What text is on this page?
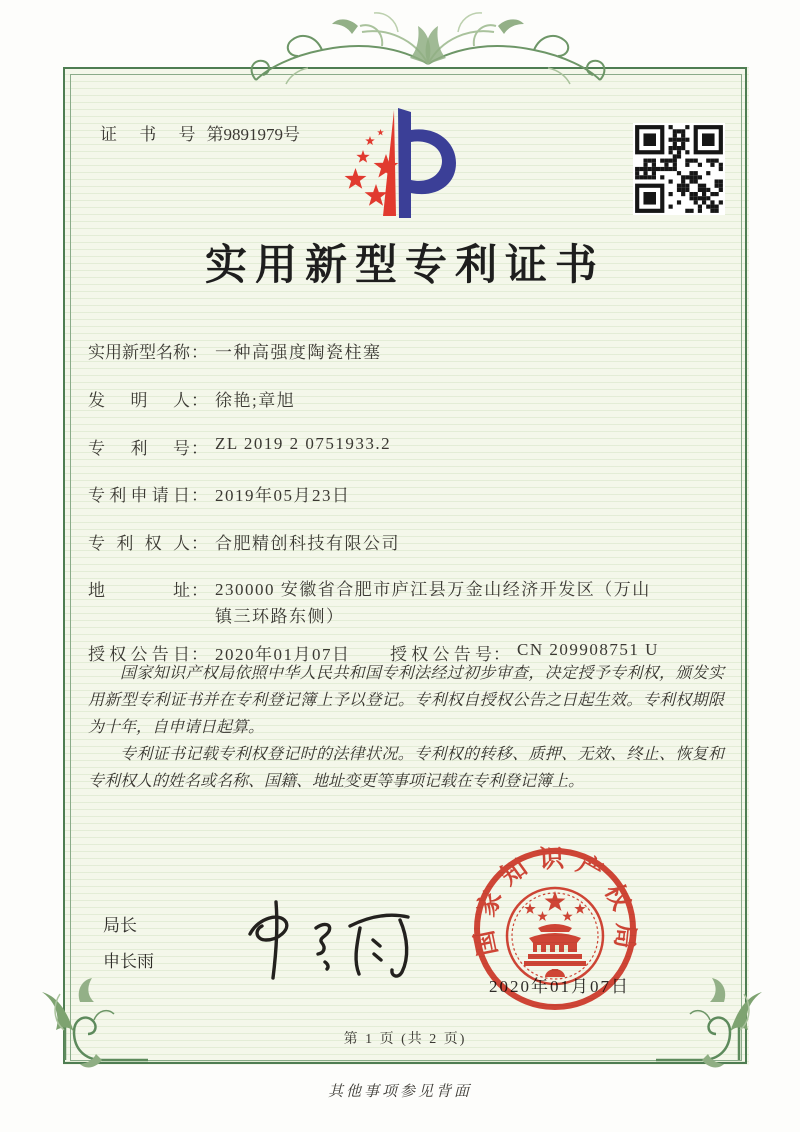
证 书 号 第9891979号
实用新型专利证书
实用新型名称： 一种高强度陶瓷柱塞
发明人： 徐艳;章旭
专利号： ZL 2019 2 0751933.2
专利申请日： 2019年05月23日
专利权人： 合肥精创科技有限公司
地址： 230000 安徽省合肥市庐江县万金山经济开发区（万山镇三环路东侧）
授权公告日： 2020年01月07日 授权公告号： CN 209908751 U

国家知识产权局依照中华人民共和国专利法经过初步审查，决定授予专利权，颁发实用新型专利证书并在专利登记簿上予以登记。专利权自授权公告之日起生效。专利权期限为十年，自申请日起算。

专利证书记载专利权登记时的法律状况。专利权的转移、质押、无效、终止、恢复和专利权人的姓名或名称、国籍、地址变更等事项记载在专利登记簿上。

局长
申长雨
2020年01月07日
国家知识产权局
第 1 页 (共 2 页)
其他事项参见背面
